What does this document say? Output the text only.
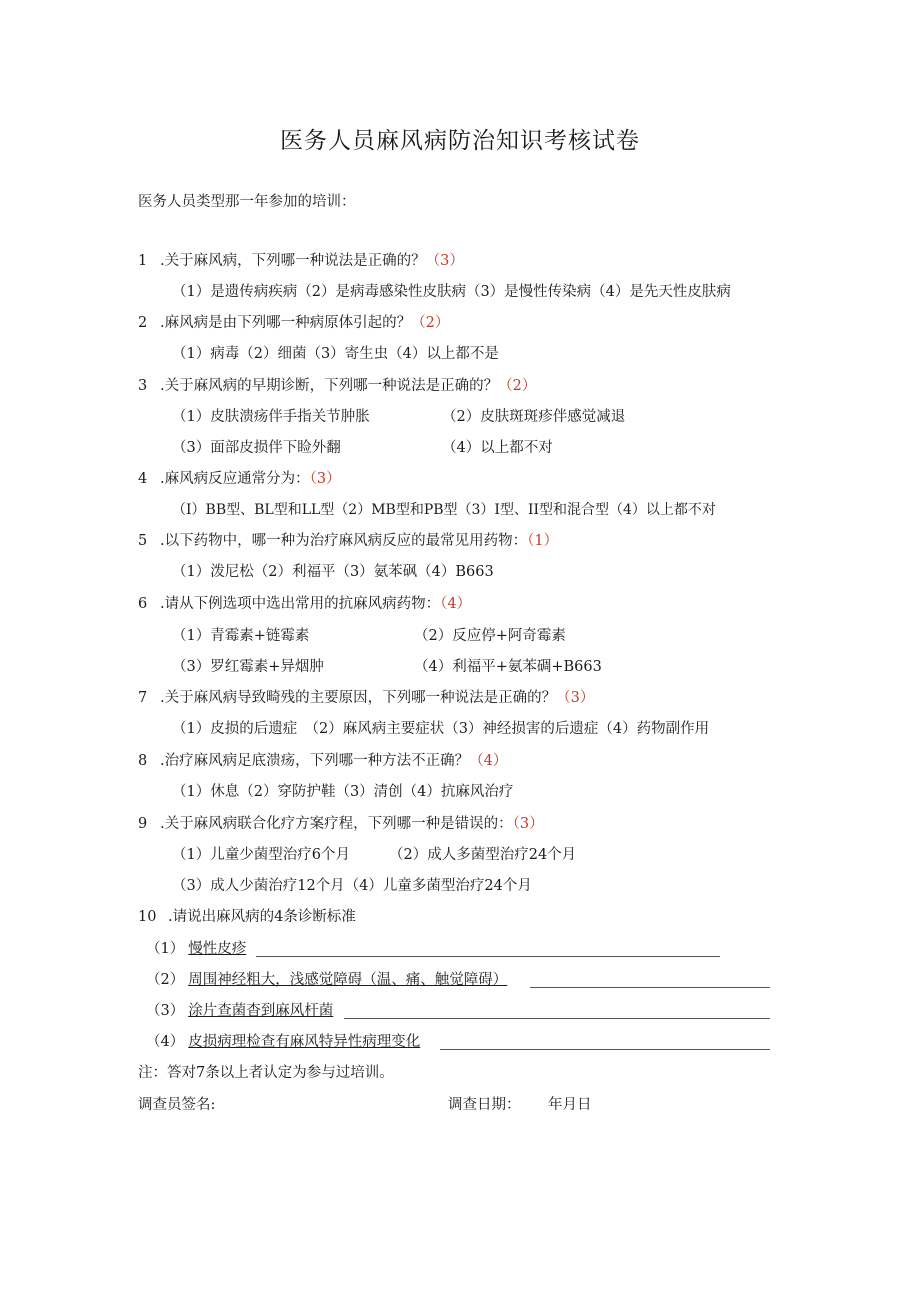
医务人员麻风病防治知识考核试卷
医务人员类型那一年参加的培训：
1 .关于麻风病，下列哪一种说法是正确的？（3）
（1）是遗传病疾病（2）是病毒感染性皮肤病（3）是慢性传染病（4）是先天性皮肤病
2 .麻风病是由下列哪一种病原体引起的？（2）
（1）病毒（2）细菌（3）寄生虫（4）以上都不是
3 .关于麻风病的早期诊断，下列哪一种说法是正确的？（2）
（1）皮肤溃疡伴手指关节肿胀	（2）皮肤斑斑疹伴感觉减退
（3）面部皮损伴下睑外翻	（4）以上都不对
4 .麻风病反应通常分为：（3）
（I）BB型、BL型和LL型（2）MB型和PB型（3）I型、II型和混合型（4）以上都不对
5 .以下药物中，哪一种为治疗麻风病反应的最常见用药物：（1）
（1）泼尼松（2）利福平（3）氨苯砜（4）B663
6 .请从下例选项中选出常用的抗麻风病药物：（4）
（1）青霉素+链霉素	（2）反应停+阿奇霉素
（3）罗红霉素+异烟肿	（4）利福平+氨苯碉+B663
7 .关于麻风病导致畸残的主要原因，下列哪一种说法是正确的？（3）
（1）皮损的后遗症　（2）麻风病主要症状（3）神经损害的后遗症（4）药物副作用
8 .治疗麻风病足底溃疡，下列哪一种方法不正确？（4）
（1）休息（2）穿防护鞋（3）清创（4）抗麻风治疗
9 .关于麻风病联合化疗方案疗程，下列哪一种是错误的：（3）
（1）儿童少菌型治疗6个月	（2）成人多菌型治疗24个月
（3）成人少菌治疗12个月（4）儿童多菌型治疗24个月
10 .请说出麻风病的4条诊断标准
（1） 慢性皮疹
（2） 周围神经粗大，浅感觉障碍（温、痛、触觉障碍）
（3） 涂片查菌杳到麻风杆菌
（4） 皮损病理检查有麻风特异性病理变化
注：答对7条以上者认定为参与过培训。
调查员签名:	调查日期： 年月日
